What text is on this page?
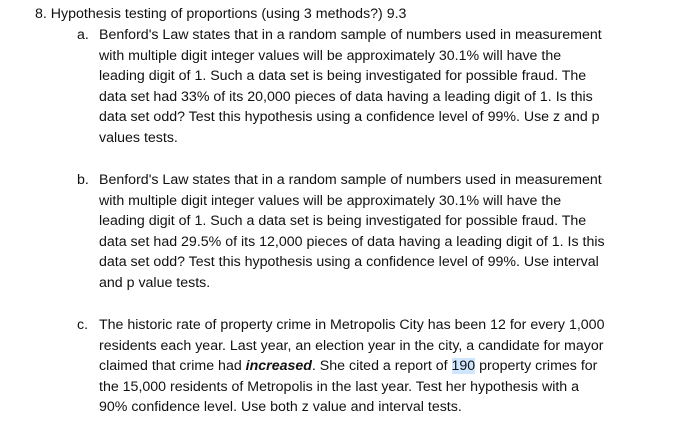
8. Hypothesis testing of proportions (using 3 methods?) 9.3
a. Benford's Law states that in a random sample of numbers used in measurement
with multiple digit integer values will be approximately 30.1% will have the
leading digit of 1. Such a data set is being investigated for possible fraud. The
data set had 33% of its 20,000 pieces of data having a leading digit of 1. Is this
data set odd? Test this hypothesis using a confidence level of 99%. Use z and p
values tests.
b. Benford's Law states that in a random sample of numbers used in measurement
with multiple digit integer values will be approximately 30.1% will have the
leading digit of 1. Such a data set is being investigated for possible fraud. The
data set had 29.5% of its 12,000 pieces of data having a leading digit of 1. Is this
data set odd? Test this hypothesis using a confidence level of 99%. Use interval
and p value tests.
c. The historic rate of property crime in Metropolis City has been 12 for every 1,000
residents each year. Last year, an election year in the city, a candidate for mayor
claimed that crime had increased. She cited a report of 190 property crimes for
the 15,000 residents of Metropolis in the last year. Test her hypothesis with a
90% confidence level. Use both z value and interval tests.
